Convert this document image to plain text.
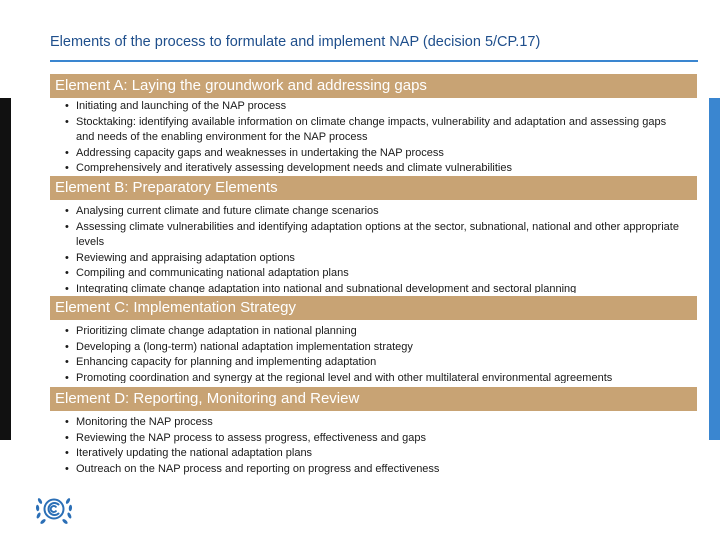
Elements of the process to formulate and implement NAP (decision 5/CP.17)
Element A: Laying the groundwork and addressing gaps
• Initiating and launching of the NAP process
• Stocktaking: identifying available information on climate change impacts, vulnerability and adaptation and assessing gaps and needs of the enabling environment for the NAP process
• Addressing capacity gaps and weaknesses in undertaking the NAP process
• Comprehensively and iteratively assessing development needs and climate vulnerabilities
Element B: Preparatory Elements
• Analysing current climate and future climate change scenarios
• Assessing climate vulnerabilities and identifying adaptation options at the sector, subnational, national and other appropriate levels
• Reviewing and appraising adaptation options
• Compiling and communicating national adaptation plans
• Integrating climate change adaptation into national and subnational development and sectoral planning
Element C: Implementation Strategy
• Prioritizing climate change adaptation in national planning
• Developing a (long-term) national adaptation implementation strategy
• Enhancing capacity for planning and implementing adaptation
• Promoting coordination and synergy at the regional level and with other multilateral environmental agreements
Element D: Reporting, Monitoring and Review
• Monitoring the NAP process
• Reviewing the NAP process to assess progress, effectiveness and gaps
• Iteratively updating the national adaptation plans
• Outreach on the NAP process and reporting on progress and effectiveness
